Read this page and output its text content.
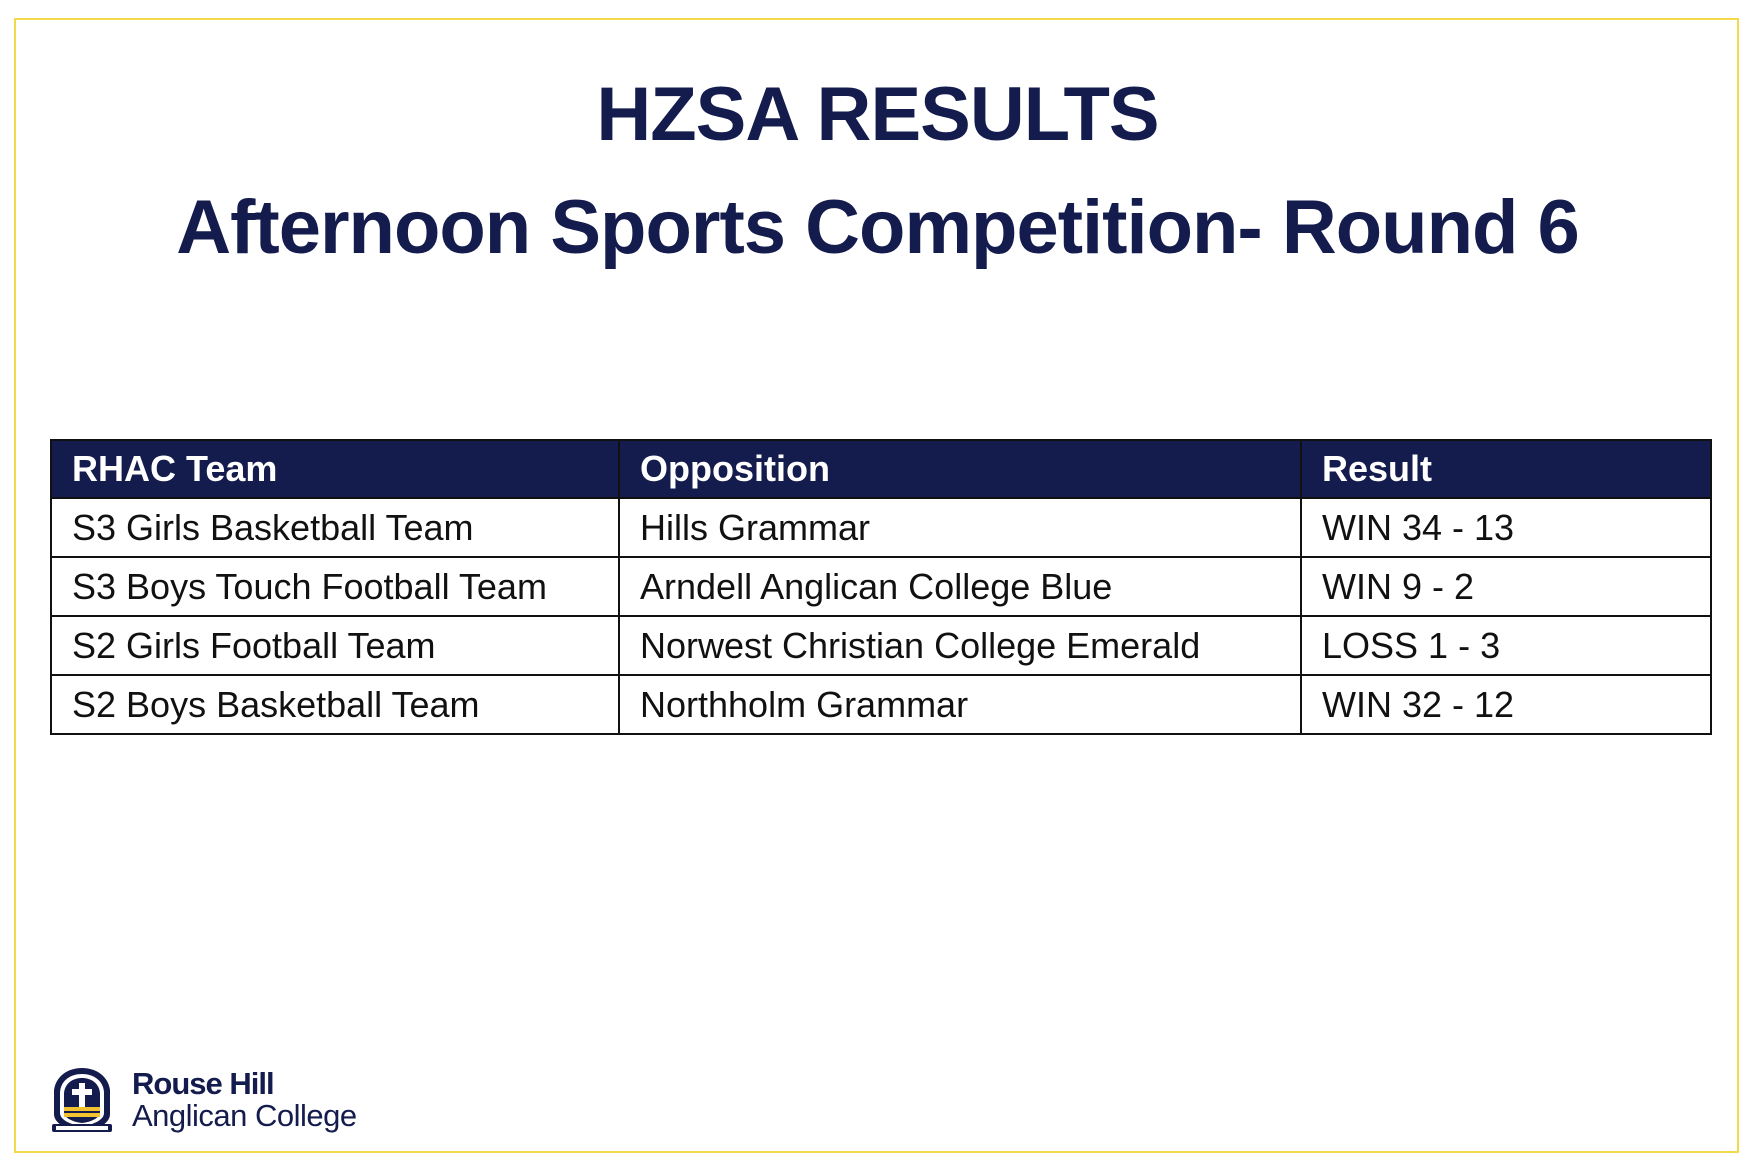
HZSA RESULTS
Afternoon Sports Competition- Round 6
RHAC Team	Opposition	Result
S3 Girls Basketball Team	Hills Grammar	WIN 34 - 13
S3 Boys Touch Football Team	Arndell Anglican College Blue	WIN 9 - 2
S2 Girls Football Team	Norwest Christian College Emerald	LOSS 1 - 3
S2 Boys Basketball Team	Northholm Grammar	WIN 32 - 12
Rouse Hill
Anglican College
